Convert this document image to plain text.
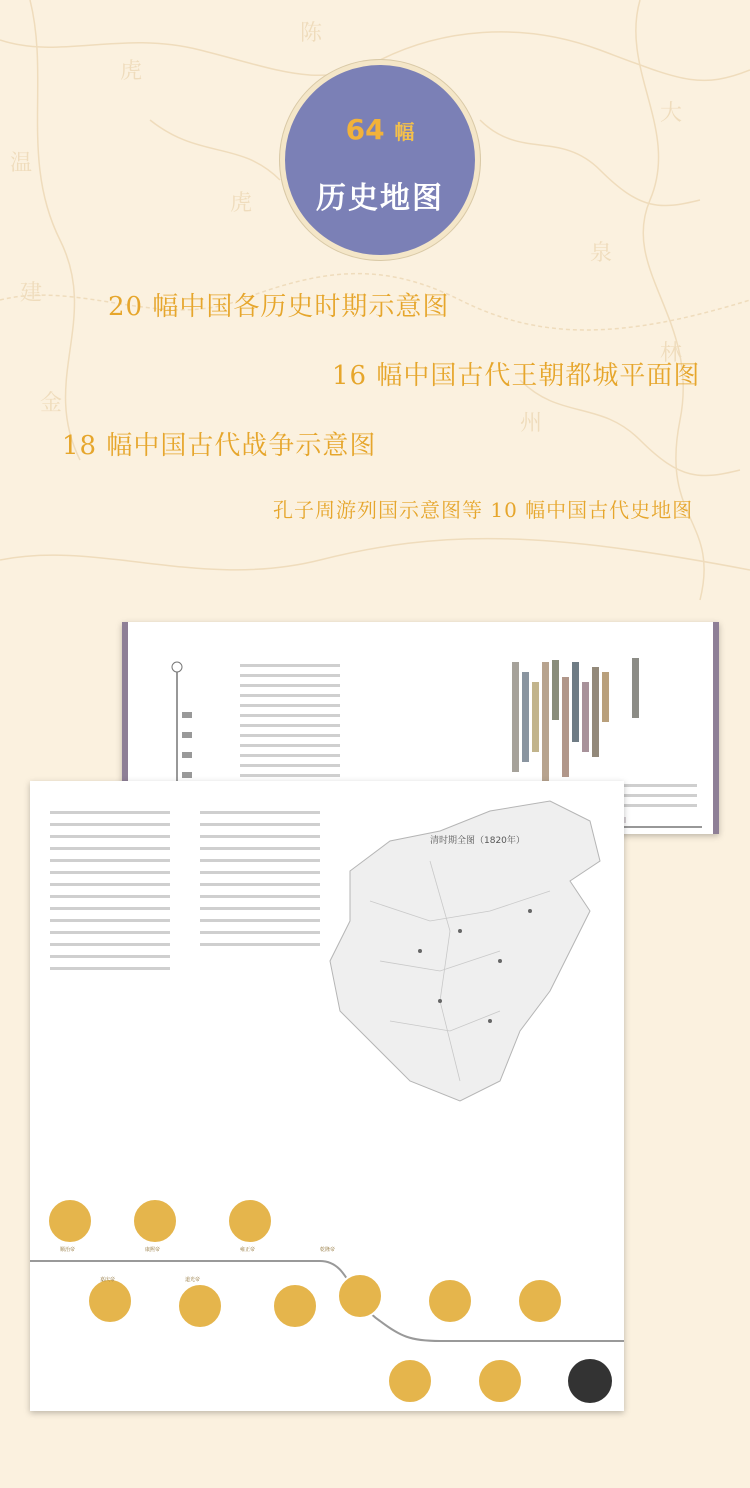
虎
陈
温
建
大
泉
金
州
虎
林
64 幅
历史地图
20 幅中国各历史时期示意图
16 幅中国古代王朝都城平面图
18 幅中国古代战争示意图
孔子周游列国示意图等 10 幅中国古代史地图
顺治帝	康熙帝	雍正帝	乾隆帝
嘉庆帝	道光帝
清时期全图（1820年）
